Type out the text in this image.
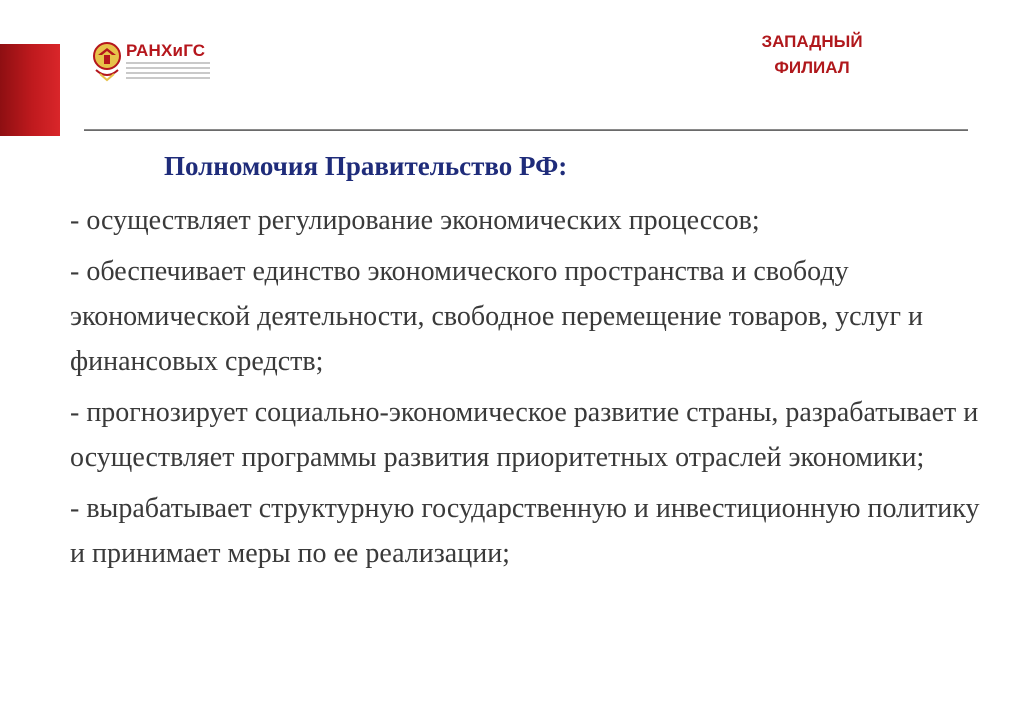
РАНХиГС	ЗАПАДНЫЙ
ФИЛИАЛ
Полномочия Правительство РФ:
- осуществляет регулирование экономических процессов;
- обеспечивает единство экономического пространства и свободу экономической деятельности, свободное перемещение товаров, услуг и финансовых средств;
- прогнозирует социально-экономическое развитие страны, разрабатывает и осуществляет программы развития приоритетных отраслей экономики;
- вырабатывает структурную государственную и инвестиционную политику и принимает меры по ее реализации;
